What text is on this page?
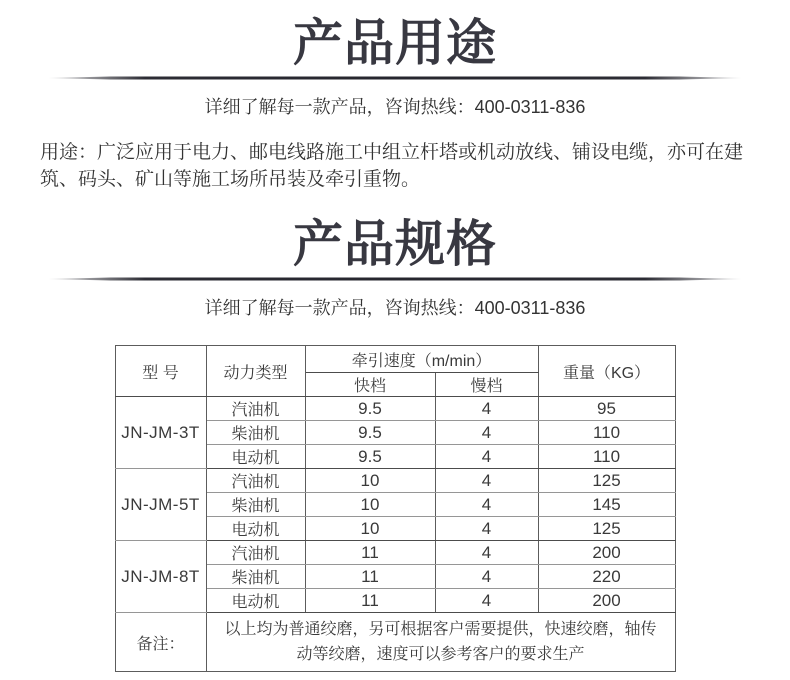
产品用途

详细了解每一款产品，咨询热线：400-0311-836

用途：广泛应用于电力、邮电线路施工中组立杆塔或机动放线、铺设电缆，亦可在建筑、码头、矿山等施工场所吊装及牵引重物。

产品规格

详细了解每一款产品，咨询热线：400-0311-836

型 号	动力类型	牵引速度（m/min）		重量（KG）
		快档	慢档	
JN-JM-3T	汽油机	9.5	4	95
	柴油机	9.5	4	110
	电动机	9.5	4	110
JN-JM-5T	汽油机	10	4	125
	柴油机	10	4	145
	电动机	10	4	125
JN-JM-8T	汽油机	11	4	200
	柴油机	11	4	220
	电动机	11	4	200
备注：	以上均为普通绞磨，另可根据客户需要提供，快速绞磨，轴传动等绞磨，速度可以参考客户的要求生产			
